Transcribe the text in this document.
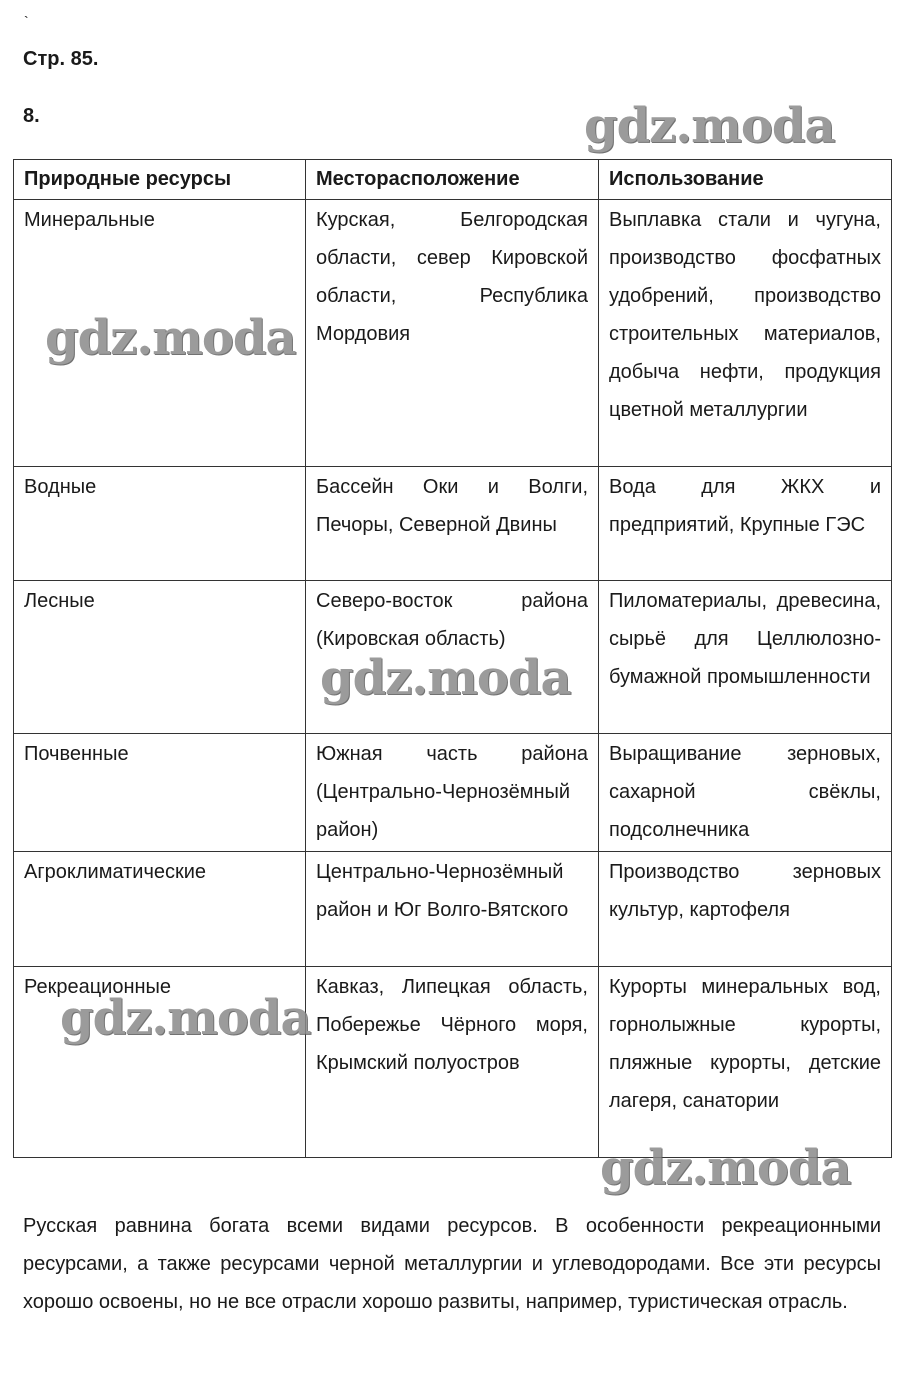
`
Стр. 85.
8.
Природные ресурсы	Месторасположение	Использование
Минеральные	Курская, Белгородская области, север Кировской области, Республика Мордовия	Выплавка стали и чугуна, производство фосфатных удобрений, производство строительных материалов, добыча нефти, продукция цветной металлургии
Водные	Бассейн Оки и Волги, Печоры, Северной Двины	Вода для ЖКХ и предприятий, Крупные ГЭС
Лесные	Северо-восток района (Кировская область)	Пиломатериалы, древесина, сырьё для Целлюлозно-бумажной промышленности
Почвенные	Южная часть района (Центрально-Чернозёмный район)	Выращивание зерновых, сахарной свёклы, подсолнечника
Агроклиматические	Центрально-Чернозёмный район и Юг Волго-Вятского	Производство зерновых культур, картофеля
Рекреационные	Кавказ, Липецкая область, Побережье Чёрного моря, Крымский полуостров	Курорты минеральных вод, горнолыжные курорты, пляжные курорты, детские лагеря, санатории
gdz.moda
gdz.moda
gdz.moda
gdz.moda
gdz.moda

Русская равнина богата всеми видами ресурсов. В особенности рекреационными ресурсами, а также ресурсами черной металлургии и углеводородами. Все эти ресурсы хорошо освоены, но не все отрасли хорошо развиты, например, туристическая отрасль.
